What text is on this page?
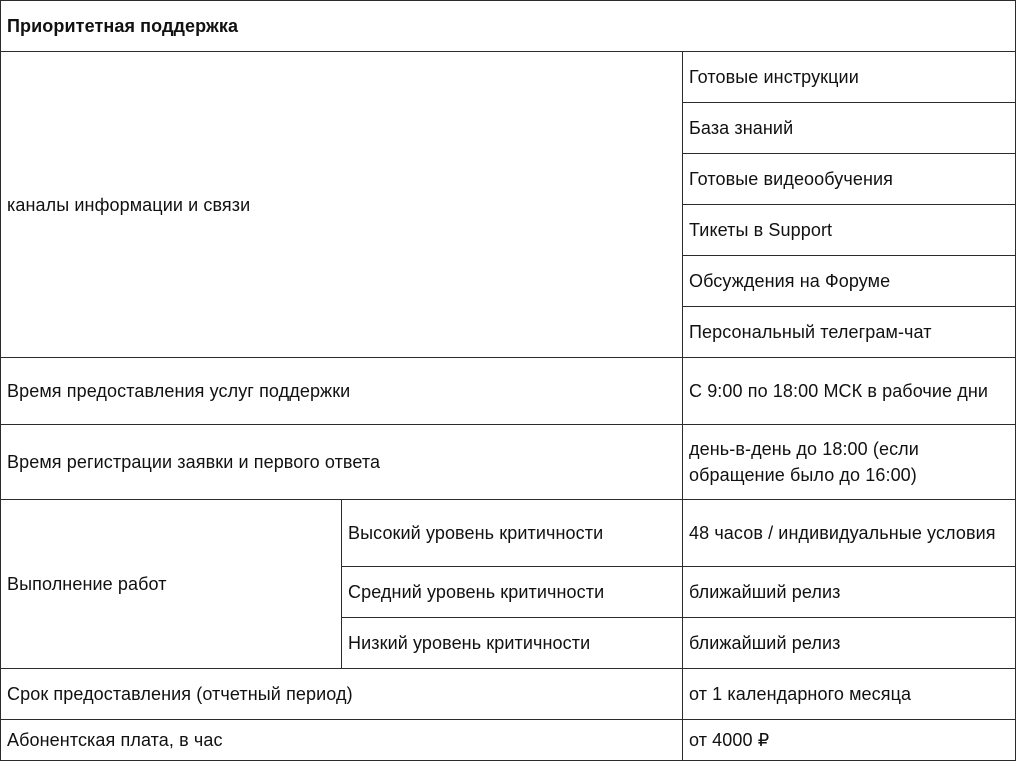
Приоритетная поддержка		
каналы информации и связи		Готовые инструкции
		База знаний
		Готовые видеообучения
		Тикеты в Support
		Обсуждения на Форуме
		Персональный телеграм-чат
Время предоставления услуг поддержки		С 9:00 по 18:00 МСК в рабочие дни
Время регистрации заявки и первого ответа		день-в-день до 18:00 (если обращение было до 16:00)
Выполнение работ	Высокий уровень критичности	48 часов / индивидуальные условия
	Средний уровень критичности	ближайший релиз
	Низкий уровень критичности	ближайший релиз
Срок предоставления (отчетный период)		от 1 календарного месяца
Абонентская плата, в час		от 4000 ₽
